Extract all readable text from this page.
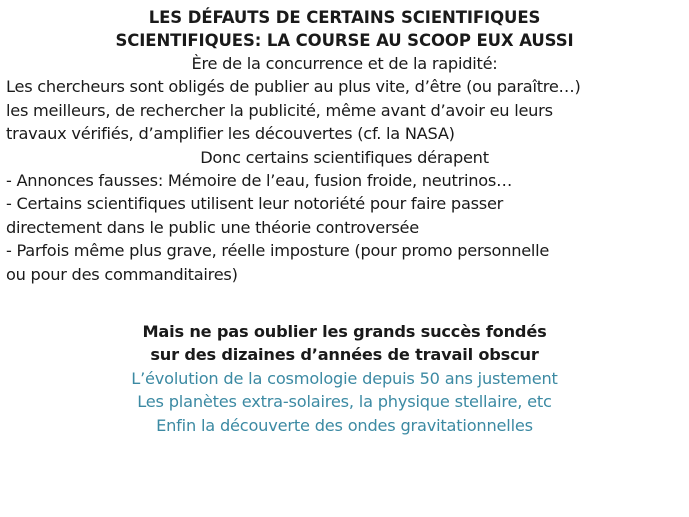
LES DÉFAUTS DE CERTAINS SCIENTIFIQUES

SCIENTIFIQUES: LA COURSE AU SCOOP EUX AUSSI

Ère de la concurrence et de la rapidité:

Les chercheurs sont obligés de publier au plus vite, d’être (ou paraître…)

les meilleurs, de rechercher la publicité, même avant d’avoir eu leurs

travaux vérifiés, d’amplifier les découvertes (cf. la NASA)

Donc certains scientifiques dérapent

- Annonces fausses: Mémoire de l’eau, fusion froide, neutrinos…

- Certains scientifiques utilisent leur notoriété pour faire passer

directement dans le public une théorie controversée

- Parfois même plus grave, réelle imposture (pour promo personnelle

ou pour des commanditaires)

Mais ne pas oublier les grands succès fondés

sur des dizaines d’années de travail obscur

L’évolution de la cosmologie depuis 50 ans justement

Les planètes extra-solaires, la physique stellaire, etc

Enfin la découverte des ondes gravitationnelles
